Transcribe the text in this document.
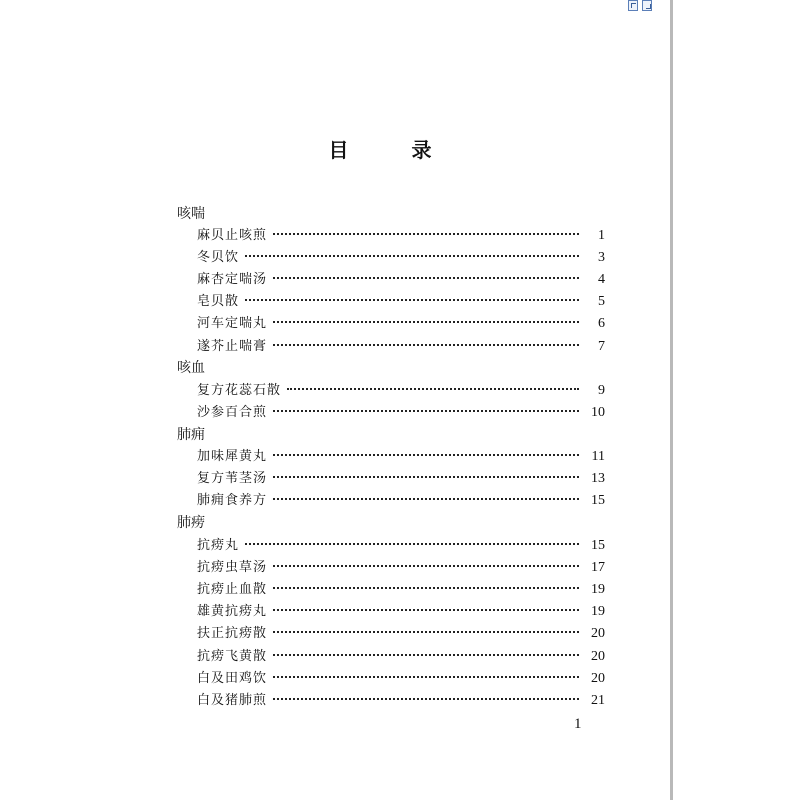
目 录
咳喘
麻贝止咳煎	1
冬贝饮	3
麻杏定喘汤	4
皂贝散	5
河车定喘丸	6
遂芥止喘膏	7
咳血
复方花蕊石散	9
沙参百合煎	10
肺痈
加味犀黄丸	11
复方苇茎汤	13
肺痈食养方	15
肺痨
抗痨丸	15
抗痨虫草汤	17
抗痨止血散	19
雄黄抗痨丸	19
扶正抗痨散	20
抗痨飞黄散	20
白及田鸡饮	20
白及猪肺煎	21
1
